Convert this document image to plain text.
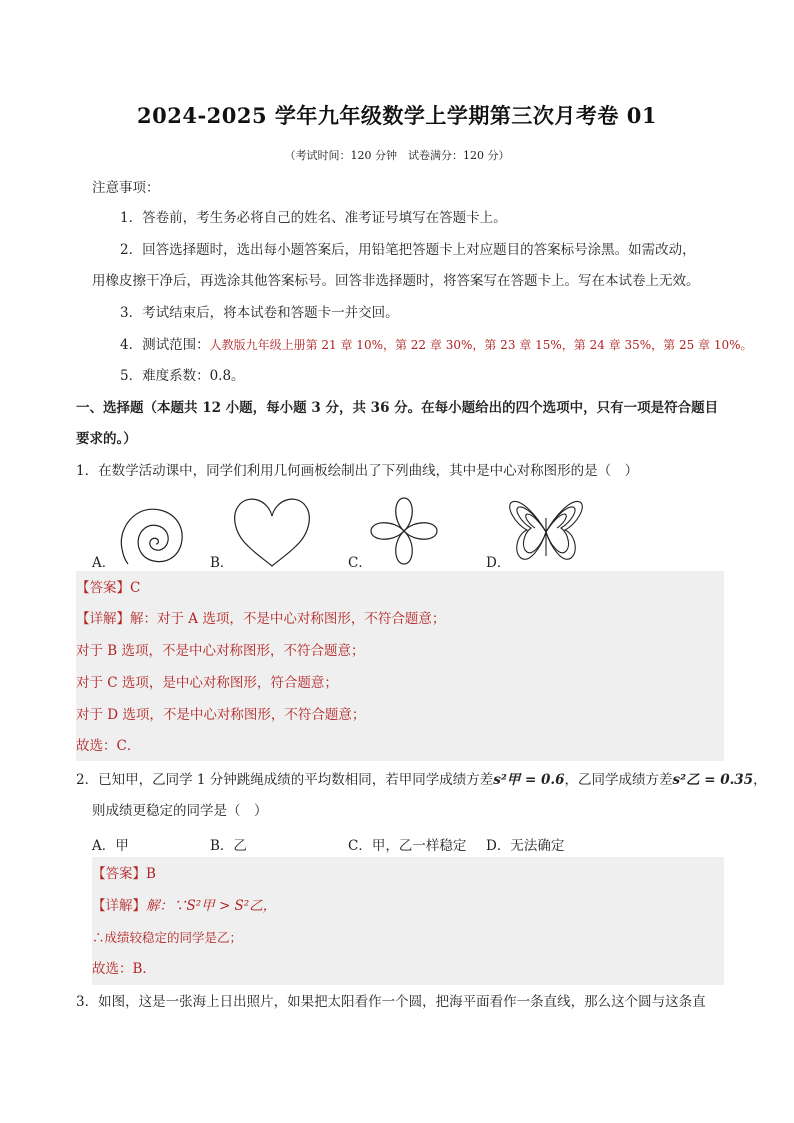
2024-2025 学年九年级数学上学期第三次月考卷 01
（考试时间：120 分钟　试卷满分：120 分）
注意事项：
1．答卷前，考生务必将自己的姓名、准考证号填写在答题卡上。
2．回答选择题时，选出每小题答案后，用铅笔把答题卡上对应题目的答案标号涂黑。如需改动，
用橡皮擦干净后，再选涂其他答案标号。回答非选择题时，将答案写在答题卡上。写在本试卷上无效。
3．考试结束后，将本试卷和答题卡一并交回。
4．测试范围：人教版九年级上册第 21 章 10%，第 22 章 30%，第 23 章 15%，第 24 章 35%，第 25 章 10%。
5．难度系数：0.8。
一、选择题（本题共 12 小题，每小题 3 分，共 36 分。在每小题给出的四个选项中，只有一项是符合题目
要求的。）
1．在数学活动课中，同学们利用几何画板绘制出了下列曲线，其中是中心对称图形的是（　）
A．	B．	C．	D．
【答案】C
【详解】解：对于 A 选项，不是中心对称图形，不符合题意；
对于 B 选项，不是中心对称图形，不符合题意；
对于 C 选项，是中心对称图形，符合题意；
对于 D 选项，不是中心对称图形，不符合题意；
故选：C．
2．已知甲，乙同学 1 分钟跳绳成绩的平均数相同，若甲同学成绩方差s²甲 = 0.6，乙同学成绩方差s²乙 = 0.35，
则成绩更稳定的同学是（　）
A．甲	B．乙	C．甲，乙一样稳定 D．无法确定
【答案】B
【详解】解：∵S²甲 > S²乙，
∴成绩较稳定的同学是乙；
故选：B．
3．如图，这是一张海上日出照片，如果把太阳看作一个圆，把海平面看作一条直线，那么这个圆与这条直
